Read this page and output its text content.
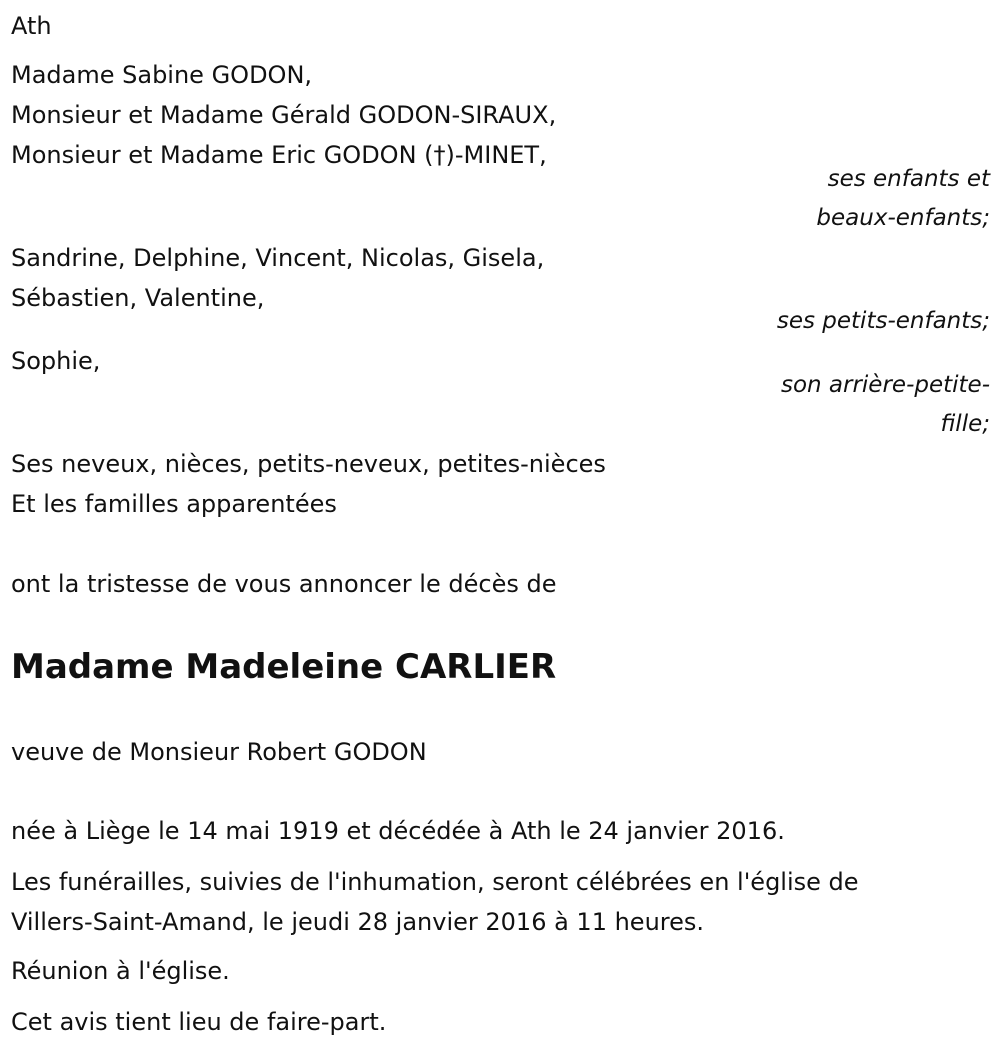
Ath
Madame Sabine GODON,
Monsieur et Madame Gérald GODON-SIRAUX,
Monsieur et Madame Eric GODON (†)-MINET,
ses enfants et
beaux-enfants;
Sandrine, Delphine, Vincent, Nicolas, Gisela,
Sébastien, Valentine,
ses petits-enfants;
Sophie,
son arrière-petite-
fille;
Ses neveux, nièces, petits-neveux, petites-nièces
Et les familles apparentées
ont la tristesse de vous annoncer le décès de
Madame Madeleine CARLIER
veuve de Monsieur Robert GODON
née à Liège le 14 mai 1919 et décédée à Ath le 24 janvier 2016.
Les funérailles, suivies de l'inhumation, seront célébrées en l'église de
Villers-Saint-Amand, le jeudi 28 janvier 2016 à 11 heures.
Réunion à l'église.
Cet avis tient lieu de faire-part.
